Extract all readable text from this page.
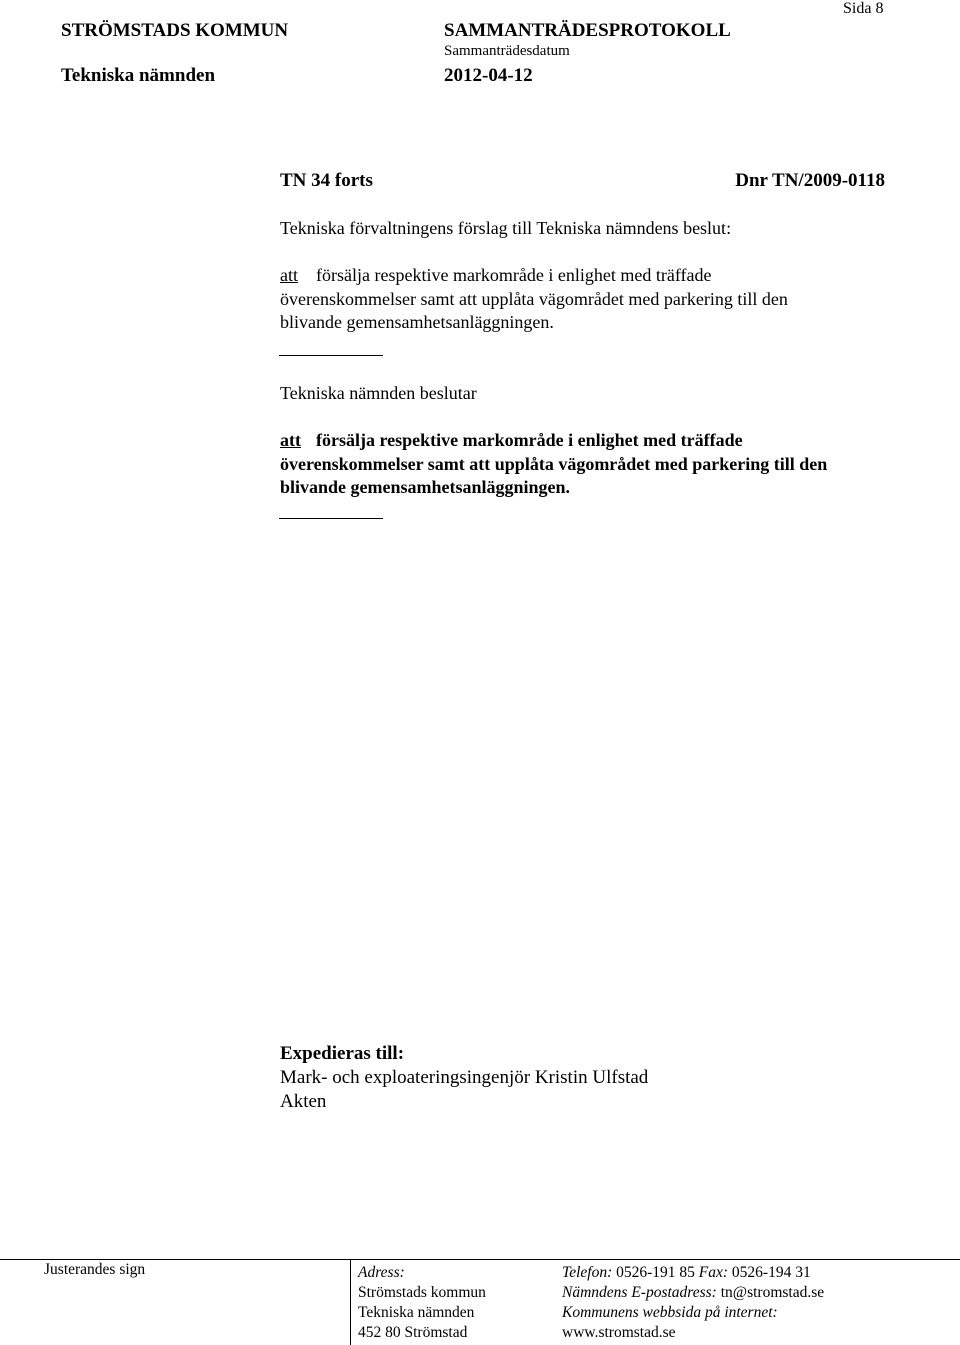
STRÖMSTADS KOMMUN	SAMMANTRÄDESPROTOKOLL
Sida 8
Sammanträdesdatum
Tekniska nämnden	2012-04-12
TN 34 forts	Dnr TN/2009-0118
Tekniska förvaltningens förslag till Tekniska nämndens beslut:
att försälja respektive markområde i enlighet med träffade
överenskommelser samt att upplåta vägområdet med parkering till den
blivande gemensamhetsanläggningen.
Tekniska nämnden beslutar
att försälja respektive markområde i enlighet med träffade
överenskommelser samt att upplåta vägområdet med parkering till den
blivande gemensamhetsanläggningen.
Expedieras till:
Mark- och exploateringsingenjör Kristin Ulfstad
Akten
Justerandes sign	Adress:
Strömstads kommun
Tekniska nämnden
452 80 Strömstad
Telefon: 0526-191 85 Fax: 0526-194 31
Nämndens E-postadress: tn@stromstad.se
Kommunens webbsida på internet:
www.stromstad.se
